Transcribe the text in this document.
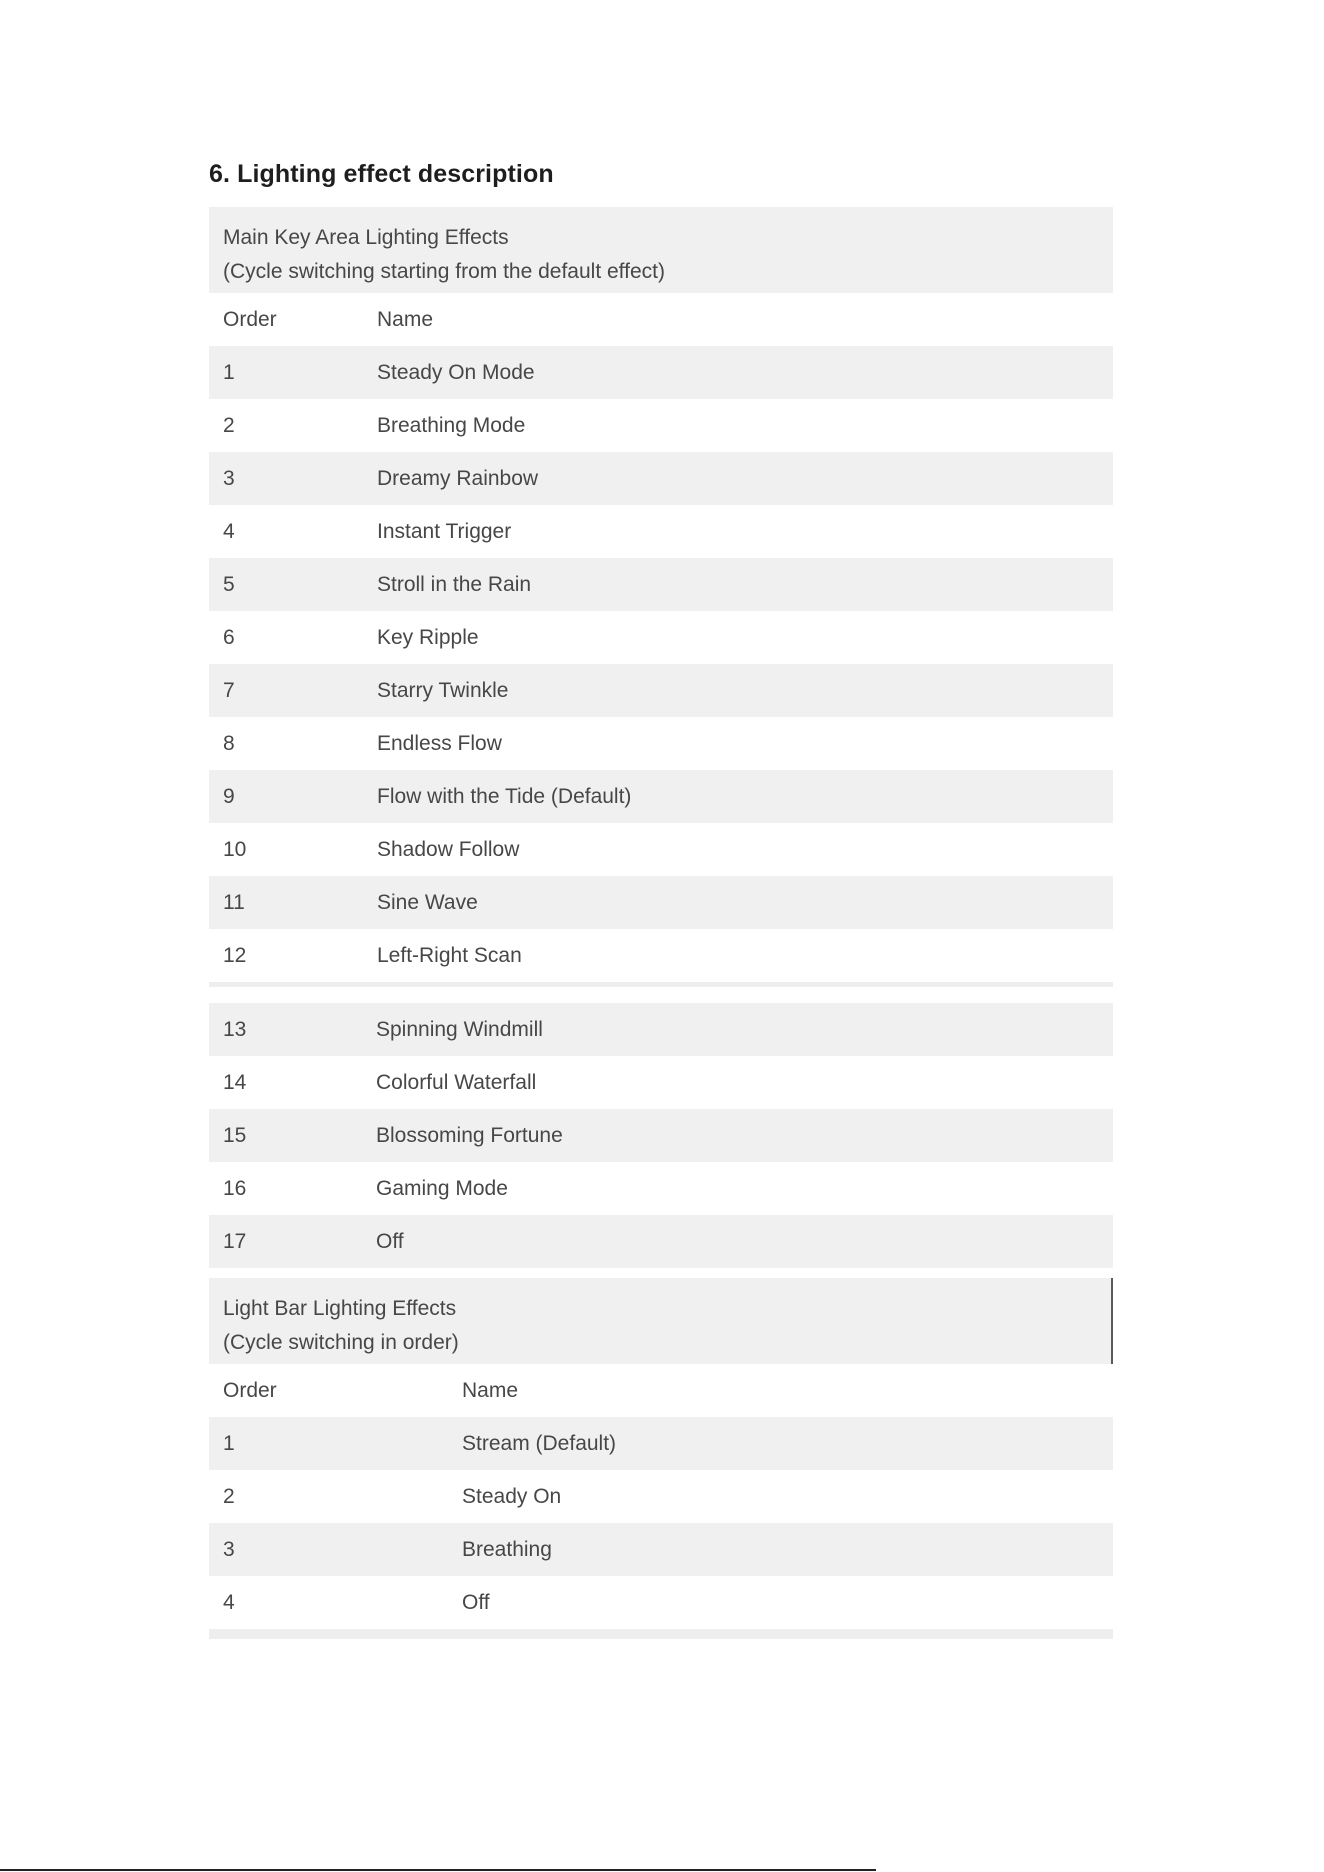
6. Lighting effect description
Main Key Area Lighting Effects
(Cycle switching starting from the default effect)
Order	Name
1	Steady On Mode
2	Breathing Mode
3	Dreamy Rainbow
4	Instant Trigger
5	Stroll in the Rain
6	Key Ripple
7	Starry Twinkle
8	Endless Flow
9	Flow with the Tide (Default)
10	Shadow Follow
11	Sine Wave
12	Left-Right Scan
13	Spinning Windmill
14	Colorful Waterfall
15	Blossoming Fortune
16	Gaming Mode
17	Off
Light Bar Lighting Effects
(Cycle switching in order)
Order	Name
1	Stream (Default)
2	Steady On
3	Breathing
4	Off
